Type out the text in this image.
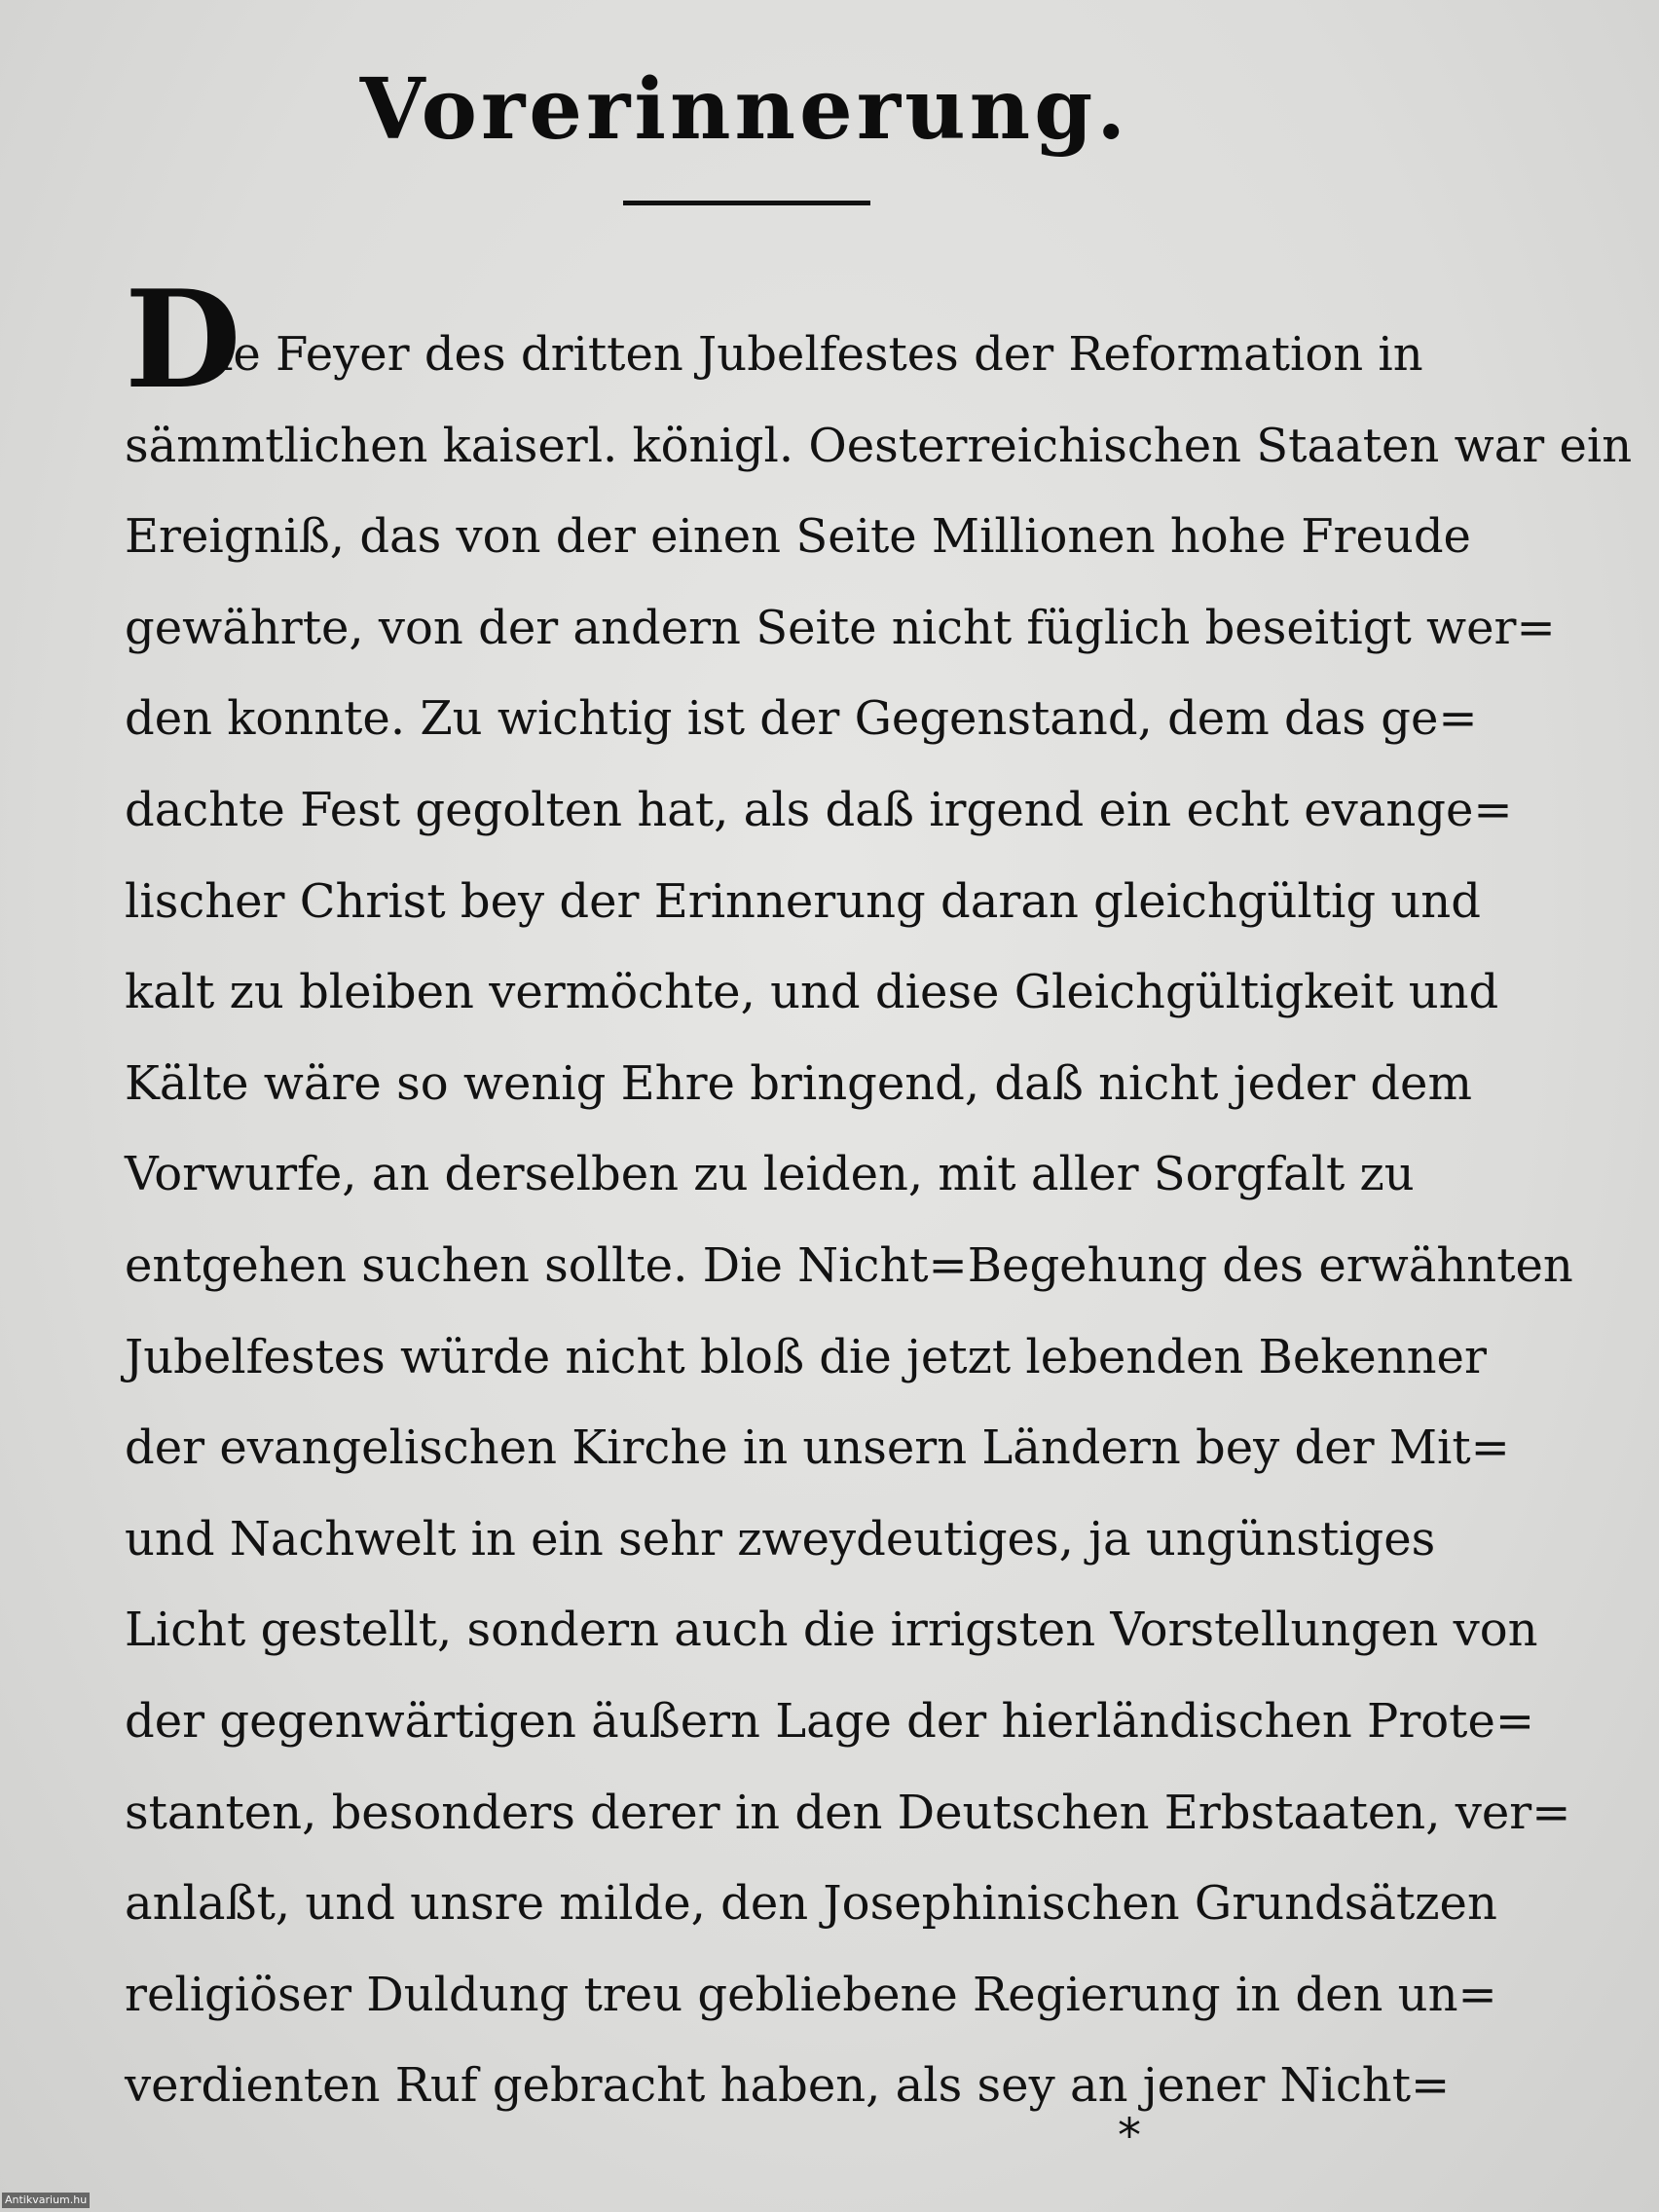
Vorerinnerung.
D
ie Feyer des dritten Jubelfestes der Reformation in
sämmtlichen kaiserl. königl. Oesterreichischen Staaten war ein
Ereigniß, das von der einen Seite Millionen hohe Freude
gewährte, von der andern Seite nicht füglich beseitigt wer=
den konnte. Zu wichtig ist der Gegenstand, dem das ge=
dachte Fest gegolten hat, als daß irgend ein echt evange=
lischer Christ bey der Erinnerung daran gleichgültig und
kalt zu bleiben vermöchte, und diese Gleichgültigkeit und
Kälte wäre so wenig Ehre bringend, daß nicht jeder dem
Vorwurfe, an derselben zu leiden, mit aller Sorgfalt zu
entgehen suchen sollte. Die Nicht=Begehung des erwähnten
Jubelfestes würde nicht bloß die jetzt lebenden Bekenner
der evangelischen Kirche in unsern Ländern bey der Mit=
und Nachwelt in ein sehr zweydeutiges, ja ungünstiges
Licht gestellt, sondern auch die irrigsten Vorstellungen von
der gegenwärtigen äußern Lage der hierländischen Prote=
stanten, besonders derer in den Deutschen Erbstaaten, ver=
anlaßt, und unsre milde, den Josephinischen Grundsätzen
religiöser Duldung treu gebliebene Regierung in den un=
verdienten Ruf gebracht haben, als sey an jener Nicht=
*
Antikvarium.hu
